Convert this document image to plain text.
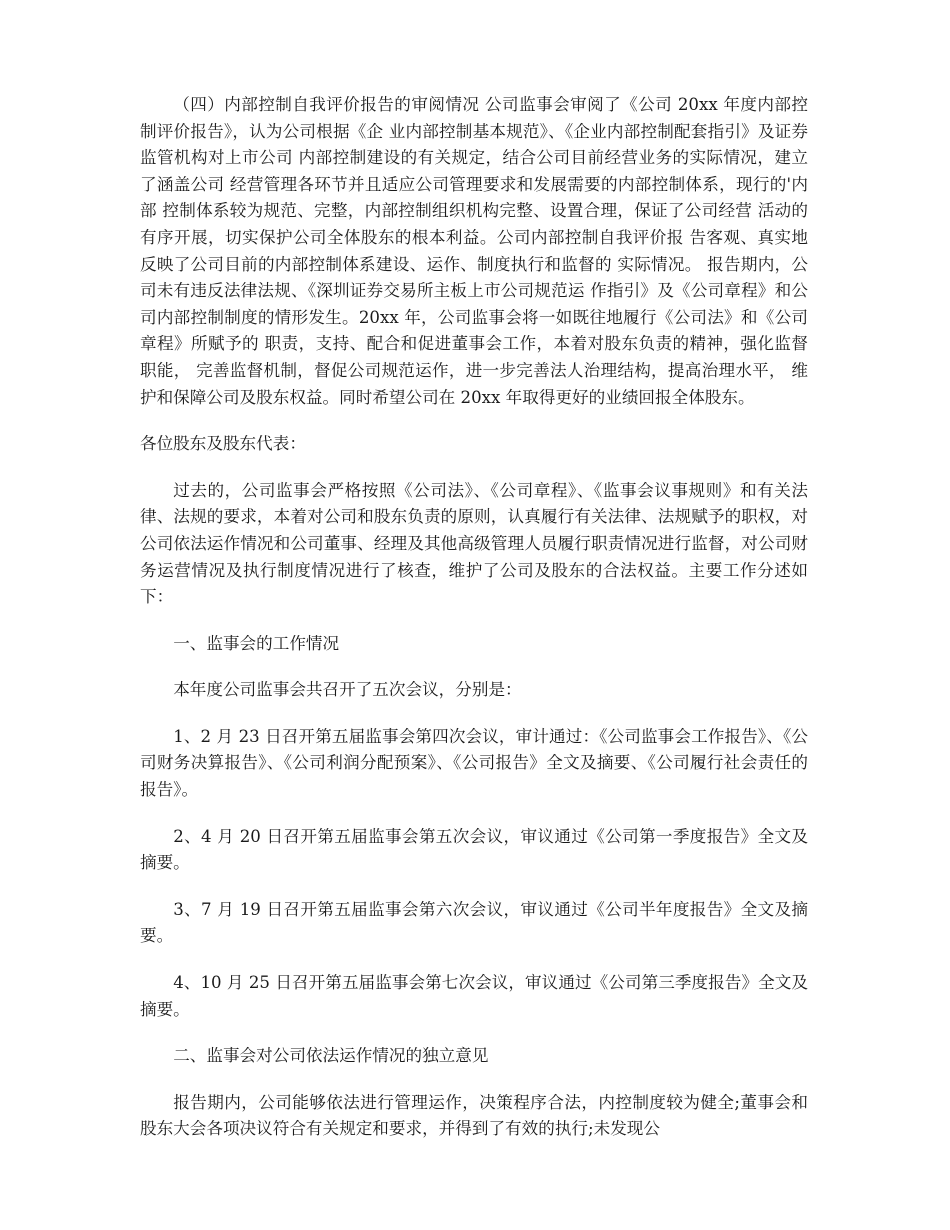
（四）内部控制自我评价报告的审阅情况 公司监事会审阅了《公司 20xx 年度内部控制评价报告》，认为公司根据《企 业内部控制基本规范》、《企业内部控制配套指引》及证券监管机构对上市公司 内部控制建设的有关规定，结合公司目前经营业务的实际情况，建立了涵盖公司 经营管理各环节并且适应公司管理要求和发展需要的内部控制体系，现行的'内部 控制体系较为规范、完整，内部控制组织机构完整、设置合理，保证了公司经营 活动的有序开展，切实保护公司全体股东的根本利益。公司内部控制自我评价报 告客观、真实地反映了公司目前的内部控制体系建设、运作、制度执行和监督的 实际情况。 报告期内，公司未有违反法律法规、《深圳证券交易所主板上市公司规范运 作指引》及《公司章程》和公司内部控制制度的情形发生。20xx 年，公司监事会将一如既往地履行《公司法》和《公司章程》所赋予的 职责，支持、配合和促进董事会工作，本着对股东负责的精神，强化监督职能， 完善监督机制，督促公司规范运作，进一步完善法人治理结构，提高治理水平， 维护和保障公司及股东权益。同时希望公司在 20xx 年取得更好的业绩回报全体股东。

各位股东及股东代表：

过去的，公司监事会严格按照《公司法》、《公司章程》、《监事会议事规则》和有关法律、法规的要求，本着对公司和股东负责的原则，认真履行有关法律、法规赋予的职权，对公司依法运作情况和公司董事、经理及其他高级管理人员履行职责情况进行监督，对公司财务运营情况及执行制度情况进行了核查，维护了公司及股东的合法权益。主要工作分述如下：

一、监事会的工作情况

本年度公司监事会共召开了五次会议，分别是：

1、2 月 23 日召开第五届监事会第四次会议，审计通过：《公司监事会工作报告》、《公司财务决算报告》、《公司利润分配预案》、《公司报告》全文及摘要、《公司履行社会责任的报告》。

2、4 月 20 日召开第五届监事会第五次会议，审议通过《公司第一季度报告》全文及摘要。

3、7 月 19 日召开第五届监事会第六次会议，审议通过《公司半年度报告》全文及摘要。

4、10 月 25 日召开第五届监事会第七次会议，审议通过《公司第三季度报告》全文及摘要。

二、监事会对公司依法运作情况的独立意见

报告期内，公司能够依法进行管理运作，决策程序合法，内控制度较为健全;董事会和股东大会各项决议符合有关规定和要求，并得到了有效的执行;未发现公
